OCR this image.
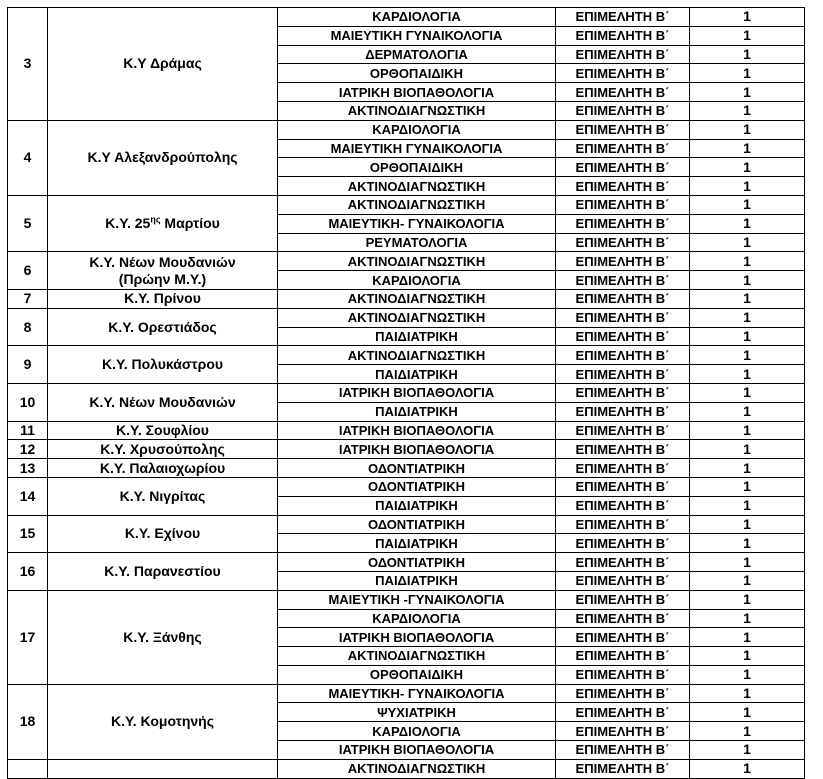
3	Κ.Υ Δράμας	ΚΑΡΔΙΟΛΟΓΙΑ	ΕΠΙΜΕΛΗΤΗ Β΄	1
		ΜΑΙΕΥΤΙΚΗ ΓΥΝΑΙΚΟΛΟΓΙΑ	ΕΠΙΜΕΛΗΤΗ Β΄	1
		ΔΕΡΜΑΤΟΛΟΓΙΑ	ΕΠΙΜΕΛΗΤΗ Β΄	1
		ΟΡΘΟΠΑΙΔΙΚΗ	ΕΠΙΜΕΛΗΤΗ Β΄	1
		ΙΑΤΡΙΚΗ ΒΙΟΠΑΘΟΛΟΓΙΑ	ΕΠΙΜΕΛΗΤΗ Β΄	1
		ΑΚΤΙΝΟΔΙΑΓΝΩΣΤΙΚΗ	ΕΠΙΜΕΛΗΤΗ Β΄	1
4	Κ.Υ Αλεξανδρούπολης	ΚΑΡΔΙΟΛΟΓΙΑ	ΕΠΙΜΕΛΗΤΗ Β΄	1
		ΜΑΙΕΥΤΙΚΗ ΓΥΝΑΙΚΟΛΟΓΙΑ	ΕΠΙΜΕΛΗΤΗ Β΄	1
		ΟΡΘΟΠΑΙΔΙΚΗ	ΕΠΙΜΕΛΗΤΗ Β΄	1
		ΑΚΤΙΝΟΔΙΑΓΝΩΣΤΙΚΗ	ΕΠΙΜΕΛΗΤΗ Β΄	1
5	Κ.Υ. $25^{\eta\varsigma}$ Μαρτίου	ΑΚΤΙΝΟΔΙΑΓΝΩΣΤΙΚΗ	ΕΠΙΜΕΛΗΤΗ Β΄	1
		ΜΑΙΕΥΤΙΚΗ- ΓΥΝΑΙΚΟΛΟΓΙΑ	ΕΠΙΜΕΛΗΤΗ Β΄	1
		ΡΕΥΜΑΤΟΛΟΓΙΑ	ΕΠΙΜΕΛΗΤΗ Β΄	1
6	Κ.Υ. Νέων Μουδανιών
(Πρώην Μ.Υ.)	ΑΚΤΙΝΟΔΙΑΓΝΩΣΤΙΚΗ	ΕΠΙΜΕΛΗΤΗ Β΄	1
		ΚΑΡΔΙΟΛΟΓΙΑ	ΕΠΙΜΕΛΗΤΗ Β΄	1
7	Κ.Υ. Πρίνου	ΑΚΤΙΝΟΔΙΑΓΝΩΣΤΙΚΗ	ΕΠΙΜΕΛΗΤΗ Β΄	1
8	Κ.Υ. Ορεστιάδος	ΑΚΤΙΝΟΔΙΑΓΝΩΣΤΙΚΗ	ΕΠΙΜΕΛΗΤΗ Β΄	1
		ΠΑΙΔΙΑΤΡΙΚΗ	ΕΠΙΜΕΛΗΤΗ Β΄	1
9	Κ.Υ. Πολυκάστρου	ΑΚΤΙΝΟΔΙΑΓΝΩΣΤΙΚΗ	ΕΠΙΜΕΛΗΤΗ Β΄	1
		ΠΑΙΔΙΑΤΡΙΚΗ	ΕΠΙΜΕΛΗΤΗ Β΄	1
10	Κ.Υ. Νέων Μουδανιών	ΙΑΤΡΙΚΗ ΒΙΟΠΑΘΟΛΟΓΙΑ	ΕΠΙΜΕΛΗΤΗ Β΄	1
		ΠΑΙΔΙΑΤΡΙΚΗ	ΕΠΙΜΕΛΗΤΗ Β΄	1
11	Κ.Υ. Σουφλίου	ΙΑΤΡΙΚΗ ΒΙΟΠΑΘΟΛΟΓΙΑ	ΕΠΙΜΕΛΗΤΗ Β΄	1
12	Κ.Υ. Χρυσούπολης	ΙΑΤΡΙΚΗ ΒΙΟΠΑΘΟΛΟΓΙΑ	ΕΠΙΜΕΛΗΤΗ Β΄	1
13	Κ.Υ. Παλαιοχωρίου	ΟΔΟΝΤΙΑΤΡΙΚΗ	ΕΠΙΜΕΛΗΤΗ Β΄	1
14	Κ.Υ. Νιγρίτας	ΟΔΟΝΤΙΑΤΡΙΚΗ	ΕΠΙΜΕΛΗΤΗ Β΄	1
		ΠΑΙΔΙΑΤΡΙΚΗ	ΕΠΙΜΕΛΗΤΗ Β΄	1
15	Κ.Υ. Εχίνου	ΟΔΟΝΤΙΑΤΡΙΚΗ	ΕΠΙΜΕΛΗΤΗ Β΄	1
		ΠΑΙΔΙΑΤΡΙΚΗ	ΕΠΙΜΕΛΗΤΗ Β΄	1
16	Κ.Υ. Παρανεστίου	ΟΔΟΝΤΙΑΤΡΙΚΗ	ΕΠΙΜΕΛΗΤΗ Β΄	1
		ΠΑΙΔΙΑΤΡΙΚΗ	ΕΠΙΜΕΛΗΤΗ Β΄	1
17	Κ.Υ. Ξάνθης	ΜΑΙΕΥΤΙΚΗ -ΓΥΝΑΙΚΟΛΟΓΙΑ	ΕΠΙΜΕΛΗΤΗ Β΄	1
		ΚΑΡΔΙΟΛΟΓΙΑ	ΕΠΙΜΕΛΗΤΗ Β΄	1
		ΙΑΤΡΙΚΗ ΒΙΟΠΑΘΟΛΟΓΙΑ	ΕΠΙΜΕΛΗΤΗ Β΄	1
		ΑΚΤΙΝΟΔΙΑΓΝΩΣΤΙΚΗ	ΕΠΙΜΕΛΗΤΗ Β΄	1
		ΟΡΘΟΠΑΙΔΙΚΗ	ΕΠΙΜΕΛΗΤΗ Β΄	1
18	Κ.Υ. Κομοτηνής	ΜΑΙΕΥΤΙΚΗ- ΓΥΝΑΙΚΟΛΟΓΙΑ	ΕΠΙΜΕΛΗΤΗ Β΄	1
		ΨΥΧΙΑΤΡΙΚΗ	ΕΠΙΜΕΛΗΤΗ Β΄	1
		ΚΑΡΔΙΟΛΟΓΙΑ	ΕΠΙΜΕΛΗΤΗ Β΄	1
		ΙΑΤΡΙΚΗ ΒΙΟΠΑΘΟΛΟΓΙΑ	ΕΠΙΜΕΛΗΤΗ Β΄	1
		ΑΚΤΙΝΟΔΙΑΓΝΩΣΤΙΚΗ	ΕΠΙΜΕΛΗΤΗ Β΄	1
